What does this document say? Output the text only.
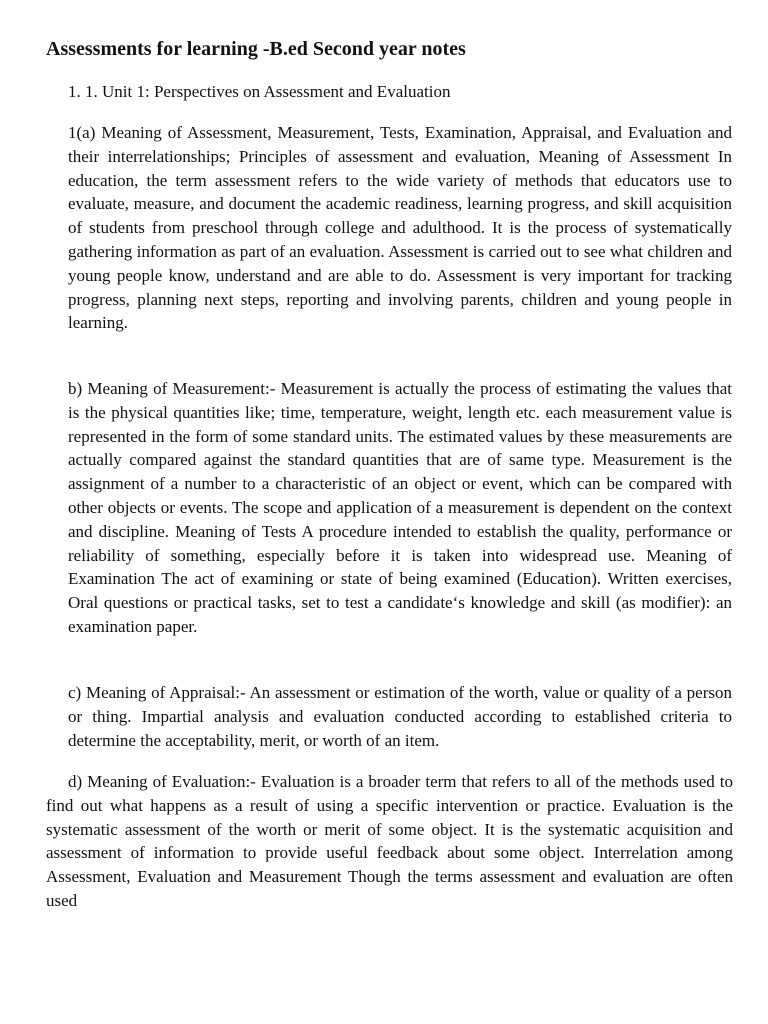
Assessments for learning -B.ed Second year notes

1. 1. Unit 1: Perspectives on Assessment and Evaluation

1(a) Meaning of Assessment, Measurement, Tests, Examination, Appraisal, and Evaluation and their interrelationships; Principles of assessment and evaluation, Meaning of Assessment In education, the term assessment refers to the wide variety of methods that educators use to evaluate, measure, and document the academic readiness, learning progress, and skill acquisition of students from preschool through college and adulthood. It is the process of systematically gathering information as part of an evaluation. Assessment is carried out to see what children and young people know, understand and are able to do. Assessment is very important for tracking progress, planning next steps, reporting and involving parents, children and young people in learning.

b) Meaning of Measurement:- Measurement is actually the process of estimating the values that is the physical quantities like; time, temperature, weight, length etc. each measurement value is represented in the form of some standard units. The estimated values by these measurements are actually compared against the standard quantities that are of same type. Measurement is the assignment of a number to a characteristic of an object or event, which can be compared with other objects or events. The scope and application of a measurement is dependent on the context and discipline. Meaning of Tests A procedure intended to establish the quality, performance or reliability of something, especially before it is taken into widespread use. Meaning of Examination The act of examining or state of being examined (Education). Written exercises, Oral questions or practical tasks, set to test a candidate‘s knowledge and skill (as modifier): an examination paper.

c) Meaning of Appraisal:- An assessment or estimation of the worth, value or quality of a person or thing. Impartial analysis and evaluation conducted according to established criteria to determine the acceptability, merit, or worth of an item.

d) Meaning of Evaluation:- Evaluation is a broader term that refers to all of the methods used to find out what happens as a result of using a specific intervention or practice. Evaluation is the systematic assessment of the worth or merit of some object. It is the systematic acquisition and assessment of information to provide useful feedback about some object. Interrelation among Assessment, Evaluation and Measurement Though the terms assessment and evaluation are often used
